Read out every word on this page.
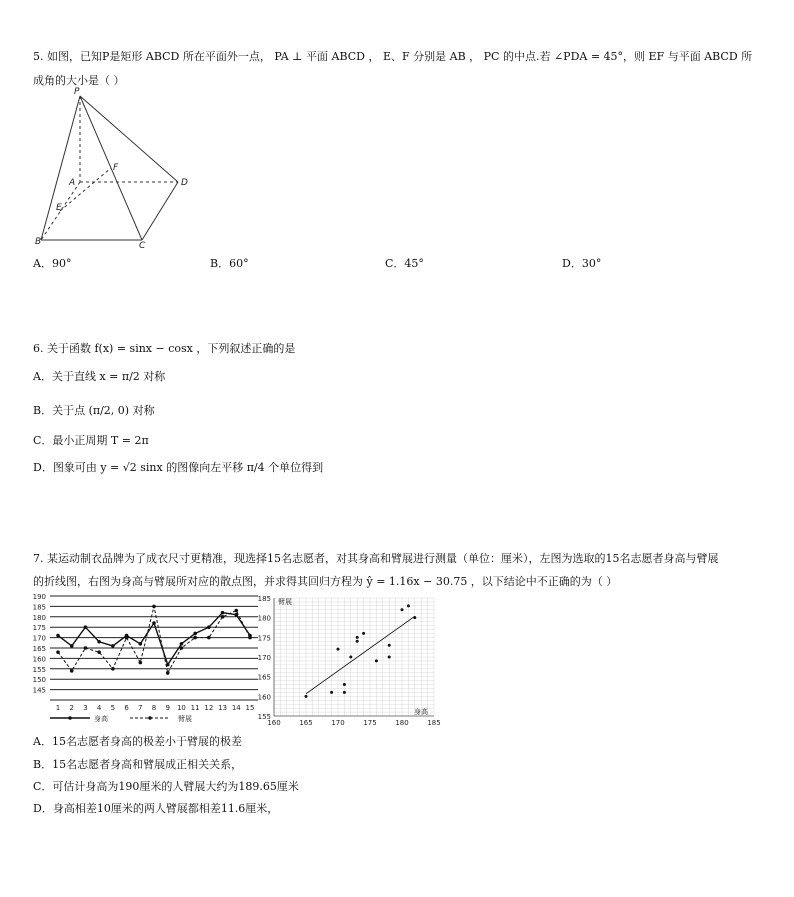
5. 如图，已知P是矩形 ABCD 所在平面外一点， PA ⊥ 平面 ABCD ， E、F 分别是 AB ， PC 的中点.若 ∠PDA = 45°，则 EF 与平面 ABCD 所
成角的大小是（ ）
P
A	D
F
E
B	C
A．90°	B．60°	C．45°	D．30°
6. 关于函数 f(x) = sinx − cosx ，下列叙述正确的是
A．关于直线 x = π/2 对称
B．关于点 (π/2, 0) 对称
C．最小正周期 T = 2π
D．图象可由 y = √2 sinx 的图像向左平移 π/4 个单位得到
7. 某运动制衣品牌为了成衣尺寸更精准，现选择15名志愿者，对其身高和臂展进行测量（单位：厘米），左图为选取的15名志愿者身高与臂展
的折线图，右图为身高与臂展所对应的散点图，并求得其回归方程为 ŷ = 1.16x − 30.75 ，以下结论中不正确的为（ ）
145
150
155
160
165
170
175
180
185
190
1 2 3 4 5 6 7 8 9 10 11 12 13 14 15
身高	臂展	155
160
165
170
175
180
185
160	165	170	175	180	185
臂展
身高
A．15名志愿者身高的极差小于臂展的极差
B．15名志愿者身高和臂展成正相关关系，
C．可估计身高为190厘米的人臂展大约为189.65厘米
D．身高相差10厘米的两人臂展都相差11.6厘米，
